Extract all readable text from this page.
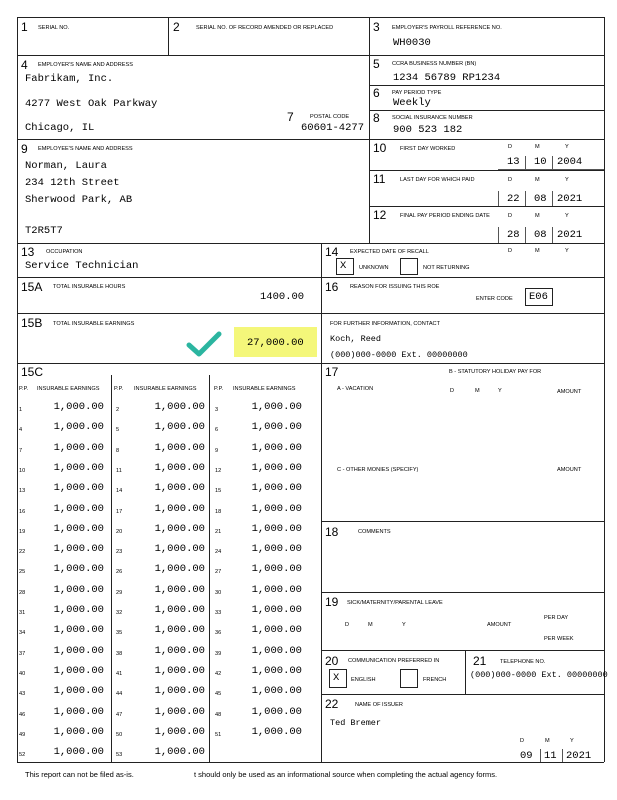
1 SERIAL NO.	2	SERIAL NO. OF RECORD AMENDED OR REPLACED	3 EMPLOYER'S PAYROLL REFERENCE NO.
WH0030
4 EMPLOYER'S NAME AND ADDRESS
Fabrikam, Inc.
4277 West Oak Parkway
Chicago, IL
7	POSTAL CODE
60601-4277
5 CCRA BUSINESS NUMBER (BN)
1234 56789 RP1234
6 PAY PERIOD TYPE
Weekly
8 SOCIAL INSURANCE NUMBER
900 523 182
9 EMPLOYEE'S NAME AND ADDRESS
Norman, Laura
234 12th Street
Sherwood Park, AB
T2R5T7
10 FIRST DAY WORKED	D	M	Y
13 10 2004
11	LAST DAY FOR WHICH PAID	D	M	Y
22 08 2021
12 FINAL PAY PERIOD ENDING DATE	D	M	Y
28 08 2021
13 OCCUPATION
Service Technician
14 EXPECTED DATE OF RECALL	D	M	Y
X UNKNOWN	NOT RETURNING
15A TOTAL INSURABLE HOURS
1400.00
16 REASON FOR ISSUING THIS ROE
ENTER CODE E06
15B TOTAL INSURABLE EARNINGS
27,000.00
FOR FURTHER INFORMATION, CONTACT
Koch, Reed
(000)000-0000 Ext. 00000000
15C
P.P. INSURABLE EARNINGS	P.P. INSURABLE EARNINGS	P.P. INSURABLE EARNINGS
1	1,000.00
4	1,000.00
7	1,000.00
10	1,000.00
13	1,000.00
16	1,000.00
19	1,000.00
22	1,000.00
25	1,000.00
28	1,000.00
31	1,000.00
34	1,000.00
37	1,000.00
40	1,000.00
43	1,000.00
46	1,000.00
49	1,000.00
52	1,000.00
2	1,000.00
5	1,000.00
8	1,000.00
11	1,000.00
14	1,000.00
17	1,000.00
20	1,000.00
23	1,000.00
26	1,000.00
29	1,000.00
32	1,000.00
35	1,000.00
38	1,000.00
41	1,000.00
44	1,000.00
47	1,000.00
50	1,000.00
53	1,000.00
3	1,000.00
6	1,000.00
9	1,000.00
12	1,000.00
15	1,000.00
18	1,000.00
21	1,000.00
24	1,000.00
27	1,000.00
30	1,000.00
33	1,000.00
36	1,000.00
39	1,000.00
42	1,000.00
45	1,000.00
48	1,000.00
51	1,000.00
17	B - STATUTORY HOLIDAY PAY FOR
A - VACATION	D	M	Y	AMOUNT
C - OTHER MONIES (SPECIFY)	AMOUNT
18	COMMENTS
19 SICK/MATERNITY/PARENTAL LEAVE
D	M	Y	AMOUNT
PER DAY
PER WEEK
20 COMMUNICATION PREFERRED IN
X ENGLISH	FRENCH
21 TELEPHONE NO.
(000)000-0000 Ext. 00000000
22	NAME OF ISSUER
Ted Bremer
D	M	Y
09 11 2021
This report can not be filed as-is.	t should only be used as an informational source when completing the actual agency forms.
